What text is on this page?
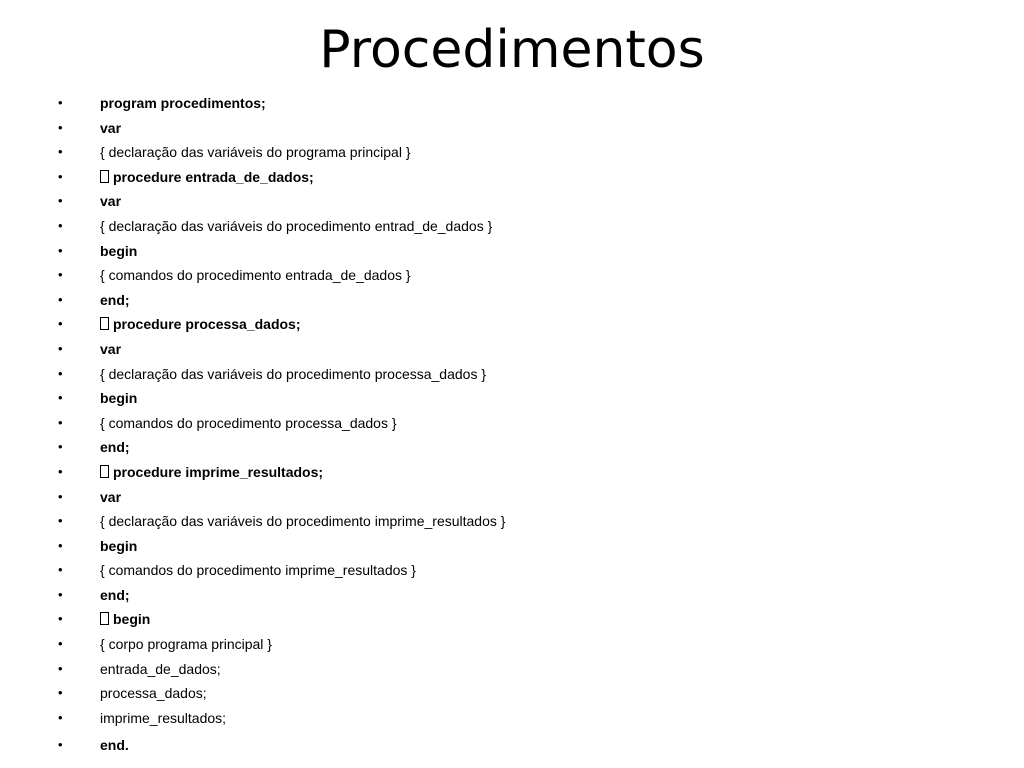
Procedimentos
•	program procedimentos;
•	var
•	{ declaração das variáveis do programa principal }
•	procedure entrada_de_dados;
•	var
•	{ declaração das variáveis do procedimento entrad_de_dados }
•	begin
•	{ comandos do procedimento entrada_de_dados }
•	end;
•	procedure processa_dados;
•	var
•	{ declaração das variáveis do procedimento processa_dados }
•	begin
•	{ comandos do procedimento processa_dados }
•	end;
•	procedure imprime_resultados;
•	var
•	{ declaração das variáveis do procedimento imprime_resultados }
•	begin
•	{ comandos do procedimento imprime_resultados }
•	end;
•	begin
•	{ corpo programa principal }
•	entrada_de_dados;
•	processa_dados;
•	imprime_resultados;
•	end.
